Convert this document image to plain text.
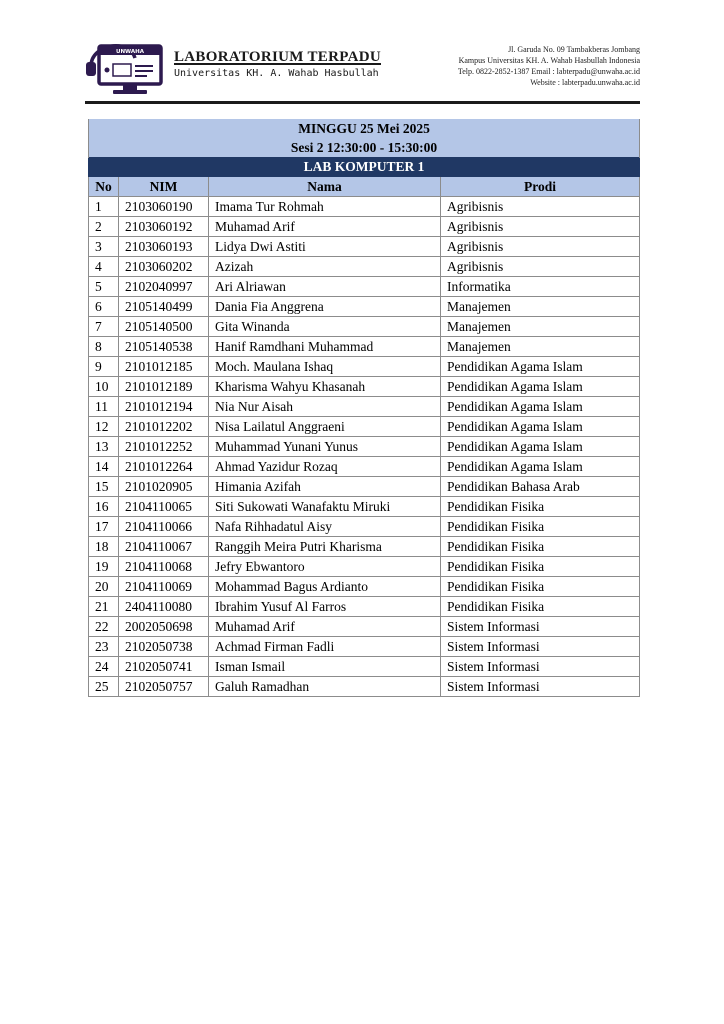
UNWAHA LABORATORIUM TERPADU
Universitas KH. A. Wahab Hasbullah
Jl. Garuda No. 09 Tambakberas Jombang
Kampus Universitas KH. A. Wahab Hasbullah Indonesia
Telp. 0822-2852-1387 Email : labterpadu@unwaha.ac.id
Website : labterpadu.unwaha.ac.id
MINGGU 25 Mei 2025			
Sesi 2 12:30:00 - 15:30:00			
LAB KOMPUTER 1			
No	NIM	Nama	Prodi
1	2103060190	Imama Tur Rohmah	Agribisnis
2	2103060192	Muhamad Arif	Agribisnis
3	2103060193	Lidya Dwi Astiti	Agribisnis
4	2103060202	Azizah	Agribisnis
5	2102040997	Ari Alriawan	Informatika
6	2105140499	Dania Fia Anggrena	Manajemen
7	2105140500	Gita Winanda	Manajemen
8	2105140538	Hanif Ramdhani Muhammad	Manajemen
9	2101012185	Moch. Maulana Ishaq	Pendidikan Agama Islam
10	2101012189	Kharisma Wahyu Khasanah	Pendidikan Agama Islam
11	2101012194	Nia Nur Aisah	Pendidikan Agama Islam
12	2101012202	Nisa Lailatul Anggraeni	Pendidikan Agama Islam
13	2101012252	Muhammad Yunani Yunus	Pendidikan Agama Islam
14	2101012264	Ahmad Yazidur Rozaq	Pendidikan Agama Islam
15	2101020905	Himania Azifah	Pendidikan Bahasa Arab
16	2104110065	Siti Sukowati Wanafaktu Miruki	Pendidikan Fisika
17	2104110066	Nafa Rihhadatul Aisy	Pendidikan Fisika
18	2104110067	Ranggih Meira Putri Kharisma	Pendidikan Fisika
19	2104110068	Jefry Ebwantoro	Pendidikan Fisika
20	2104110069	Mohammad Bagus Ardianto	Pendidikan Fisika
21	2404110080	Ibrahim Yusuf Al Farros	Pendidikan Fisika
22	2002050698	Muhamad Arif	Sistem Informasi
23	2102050738	Achmad Firman Fadli	Sistem Informasi
24	2102050741	Isman Ismail	Sistem Informasi
25	2102050757	Galuh Ramadhan	Sistem Informasi
